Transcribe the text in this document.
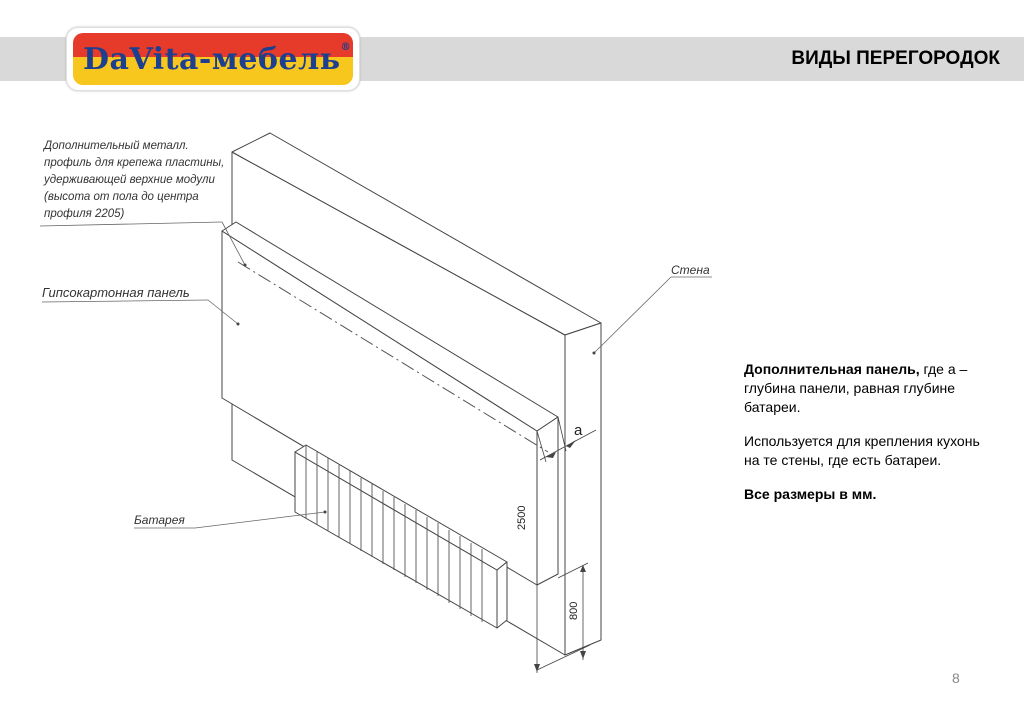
DaVita-мебель®
ВИДЫ ПЕРЕГОРОДОК
Дополнительный металл. профиль для крепежа пластины, удерживающей верхние модули (высота от пола до центра профиля 2205)
Гипсокартонная панель
Стена
Батарея
a
2500
800

Дополнительная панель, где а – глубина панели, равная глубине батареи.

Используется для крепления кухонь на те стены, где есть батареи.

Все размеры в мм.

8
